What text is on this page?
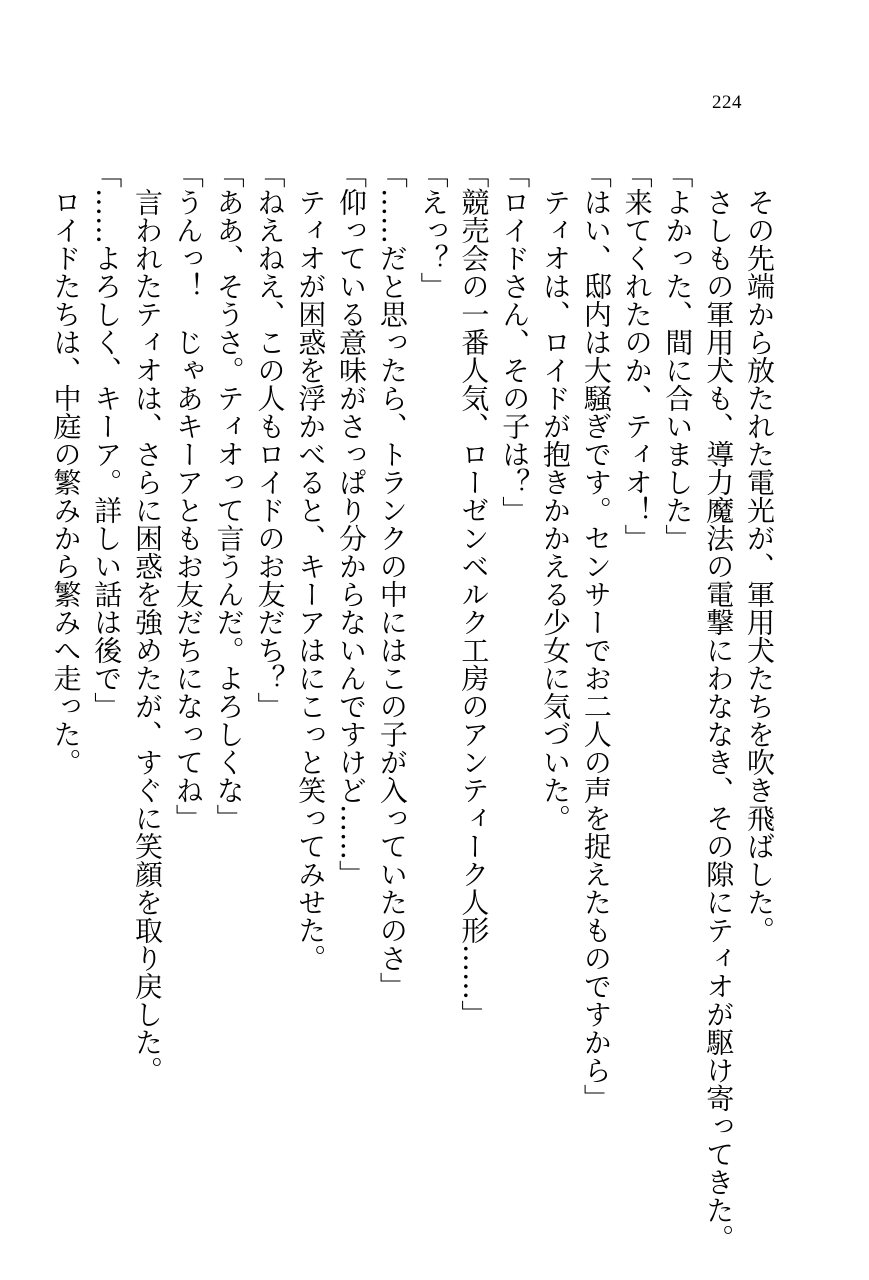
224
その先端から放たれた電光が、軍用犬たちを吹き飛ばした。
さしもの軍用犬も、導力魔法の電撃にわななき、その隙にティオが駆け寄ってきた。
「よかった、間に合いました」
「来てくれたのか、ティオ！」
「はい、邸内は大騒ぎです。センサーでお二人の声を捉えたものですから」
ティオは、ロイドが抱きかかえる少女に気づいた。
「ロイドさん、その子は？」
「競売会の一番人気、ローゼンベルク工房のアンティーク人形……」
「えっ？」
「……だと思ったら、トランクの中にはこの子が入っていたのさ」
「仰っている意味がさっぱり分からないんですけど……」
ティオが困惑を浮かべると、キーアはにこっと笑ってみせた。
「ねえねえ、この人もロイドのお友だち？」
「ああ、そうさ。ティオって言うんだ。よろしくな」
「うんっ！　じゃあキーアともお友だちになってね」
言われたティオは、さらに困惑を強めたが、すぐに笑顔を取り戻した。
「……よろしく、キーア。詳しい話は後で」
ロイドたちは、中庭の繁みから繁みへ走った。
